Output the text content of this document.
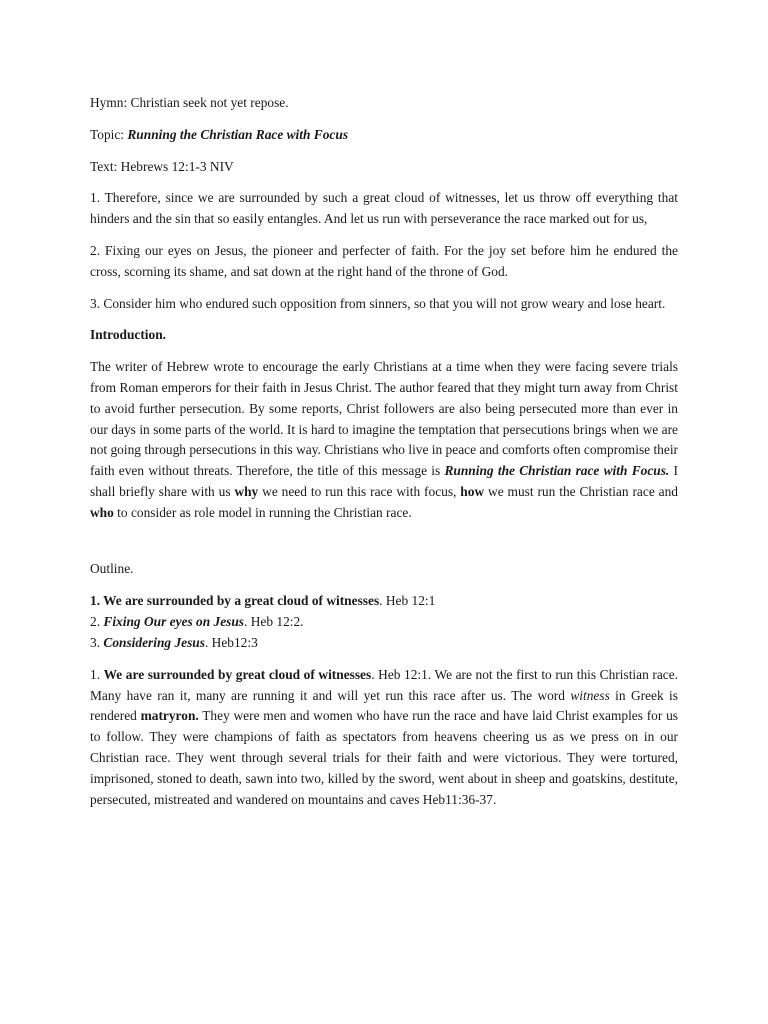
Hymn: Christian seek not yet repose.

Topic: Running the Christian Race with Focus

Text: Hebrews 12:1-3 NIV

1. Therefore, since we are surrounded by such a great cloud of witnesses, let us throw off everything that hinders and the sin that so easily entangles. And let us run with perseverance the race marked out for us,

2. Fixing our eyes on Jesus, the pioneer and perfecter of faith. For the joy set before him he endured the cross, scorning its shame, and sat down at the right hand of the throne of God.

3. Consider him who endured such opposition from sinners, so that you will not grow weary and lose heart.

Introduction.

The writer of Hebrew wrote to encourage the early Christians at a time when they were facing severe trials from Roman emperors for their faith in Jesus Christ. The author feared that they might turn away from Christ to avoid further persecution. By some reports, Christ followers are also being persecuted more than ever in our days in some parts of the world. It is hard to imagine the temptation that persecutions brings when we are not going through persecutions in this way. Christians who live in peace and comforts often compromise their faith even without threats. Therefore, the title of this message is Running the Christian race with Focus. I shall briefly share with us why we need to run this race with focus, how we must run the Christian race and who to consider as role model in running the Christian race.

Outline.

1. We are surrounded by a great cloud of witnesses. Heb 12:1

2. Fixing Our eyes on Jesus. Heb 12:2.

3. Considering Jesus. Heb12:3

1. We are surrounded by great cloud of witnesses. Heb 12:1. We are not the first to run this Christian race. Many have ran it, many are running it and will yet run this race after us. The word witness in Greek is rendered matryron. They were men and women who have run the race and have laid Christ examples for us to follow. They were champions of faith as spectators from heavens cheering us as we press on in our Christian race. They went through several trials for their faith and were victorious. They were tortured, imprisoned, stoned to death, sawn into two, killed by the sword, went about in sheep and goatskins, destitute, persecuted, mistreated and wandered on mountains and caves Heb11:36-37.
